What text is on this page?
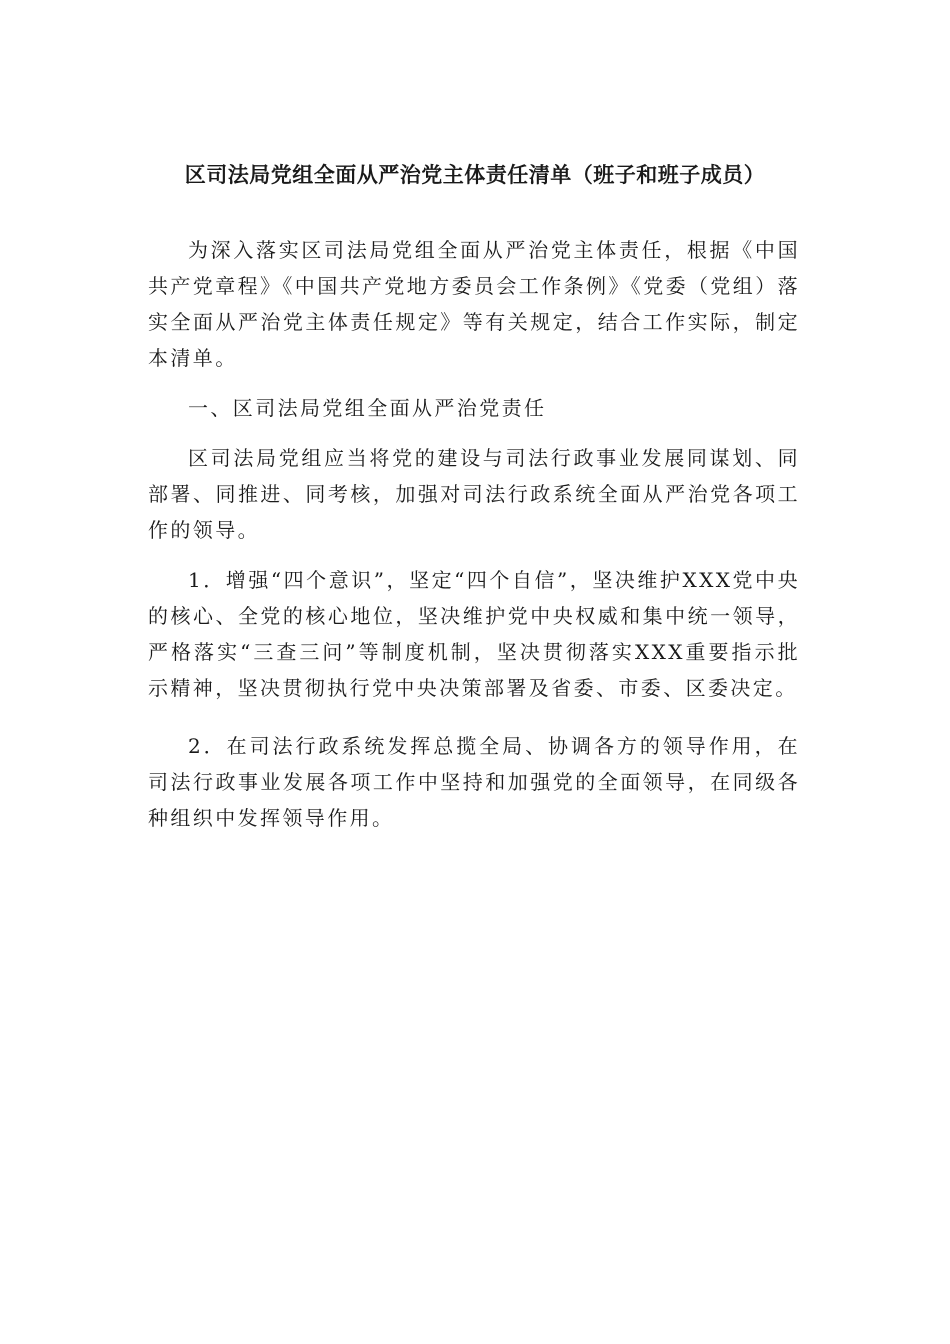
区司法局党组全面从严治党主体责任清单（班子和班子成员）

为深入落实区司法局党组全面从严治党主体责任，根据《中国共产党章程》《中国共产党地方委员会工作条例》《党委（党组）落实全面从严治党主体责任规定》等有关规定，结合工作实际，制定本清单。

一、区司法局党组全面从严治党责任

区司法局党组应当将党的建设与司法行政事业发展同谋划、同部署、同推进、同考核，加强对司法行政系统全面从严治党各项工作的领导。

1．增强“四个意识”，坚定“四个自信”，坚决维护XXX党中央的核心、全党的核心地位，坚决维护党中央权威和集中统一领导，严格落实“三查三问”等制度机制，坚决贯彻落实XXX重要指示批示精神，坚决贯彻执行党中央决策部署及省委、市委、区委决定。

2．在司法行政系统发挥总揽全局、协调各方的领导作用，在司法行政事业发展各项工作中坚持和加强党的全面领导，在同级各种组织中发挥领导作用。
